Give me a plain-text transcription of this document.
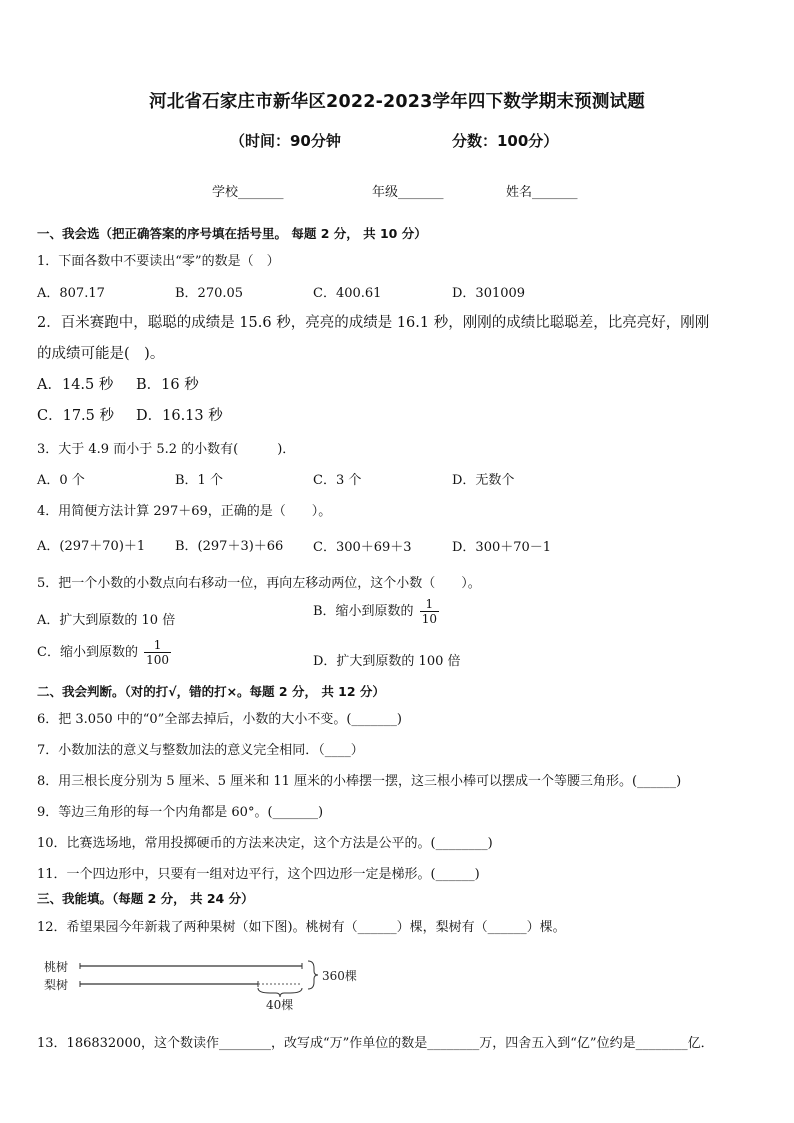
河北省石家庄市新华区2022-2023学年四下数学期末预测试题
（时间：90分钟	分数：100分）
学校_______	年级_______	姓名_______
一、我会选（把正确答案的序号填在括号里。 每题 2 分， 共 10 分）
1．下面各数中不要读出“零”的数是（　）
A．807.17	B．270.05	C．400.61	D．301009
2．百米赛跑中，聪聪的成绩是 15.6 秒，亮亮的成绩是 16.1 秒，刚刚的成绩比聪聪差，比亮亮好，刚刚
的成绩可能是(　)。
A．14.5 秒 B．16 秒
C．17.5 秒 D．16.13 秒
3．大于 4.9 而小于 5.2 的小数有(　　　)．
A．0 个	B．1 个	C．3 个	D．无数个
4．用简便方法计算 297＋69，正确的是（　　）。
A．(297＋70)＋1 B．(297＋3)＋66 C．300＋69＋3	D．300＋70－1
5．把一个小数的小数点向右移动一位，再向左移动两位，这个小数（　　）。
A．扩大到原数的 10 倍
B．缩小到原数的 $\frac{1}{10}$
C．缩小到原数的 $\frac{1}{100}$	D．扩大到原数的 100 倍
二、我会判断。（对的打√，错的打×。每题 2 分， 共 12 分）
6．把 3.050 中的“0”全部去掉后，小数的大小不变。(_______)
7．小数加法的意义与整数加法的意义完全相同．（____）
8．用三根长度分别为 5 厘米、5 厘米和 11 厘米的小棒摆一摆，这三根小棒可以摆成一个等腰三角形。(______)
9．等边三角形的每一个内角都是 60°。(_______)
10．比赛选场地，常用投掷硬币的方法来决定，这个方法是公平的。(________)
11．一个四边形中，只要有一组对边平行，这个四边形一定是梯形。(______)
三、我能填。（每题 2 分， 共 24 分）
12．希望果园今年新栽了两种果树（如下图)。桃树有（______）棵，梨树有（______）棵。
桃树
梨树
360棵
40棵
13．186832000，这个数读作________，改写成“万”作单位的数是________万，四舍五入到“亿”位约是________亿．
